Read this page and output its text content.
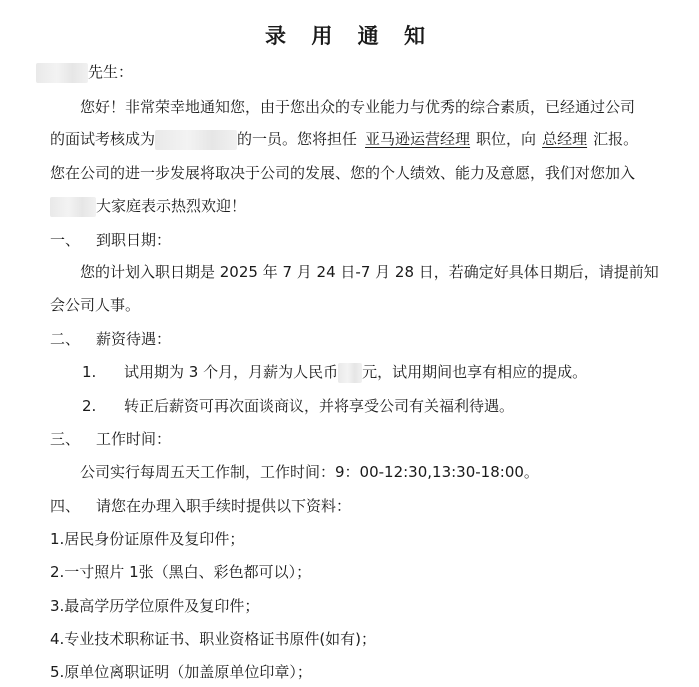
录 用 通 知
先生：
您好！非常荣幸地通知您，由于您出众的专业能力与优秀的综合素质，已经通过公司
的面试考核成为	的一员。您将担任 亚马逊运营经理 职位，向 总经理 汇报。
您在公司的进一步发展将取决于公司的发展、您的个人绩效、能力及意愿，我们对您加入
大家庭表示热烈欢迎！
一、 到职日期：
您的计划入职日期是 2025 年 7 月 24 日-7 月 28 日，若确定好具体日期后，请提前知
会公司人事。
二、 薪资待遇：
1. 试用期为 3 个月，月薪为人民币 元，试用期间也享有相应的提成。
2. 转正后薪资可再次面谈商议，并将享受公司有关福利待遇。
三、 工作时间：
公司实行每周五天工作制，工作时间：9：00-12:30,13:30-18:00。
四、 请您在办理入职手续时提供以下资料：
1.居民身份证原件及复印件；
2.一寸照片 1张（黑白、彩色都可以）；
3.最高学历学位原件及复印件；
4.专业技术职称证书、职业资格证书原件(如有)；
5.原单位离职证明（加盖原单位印章）；
